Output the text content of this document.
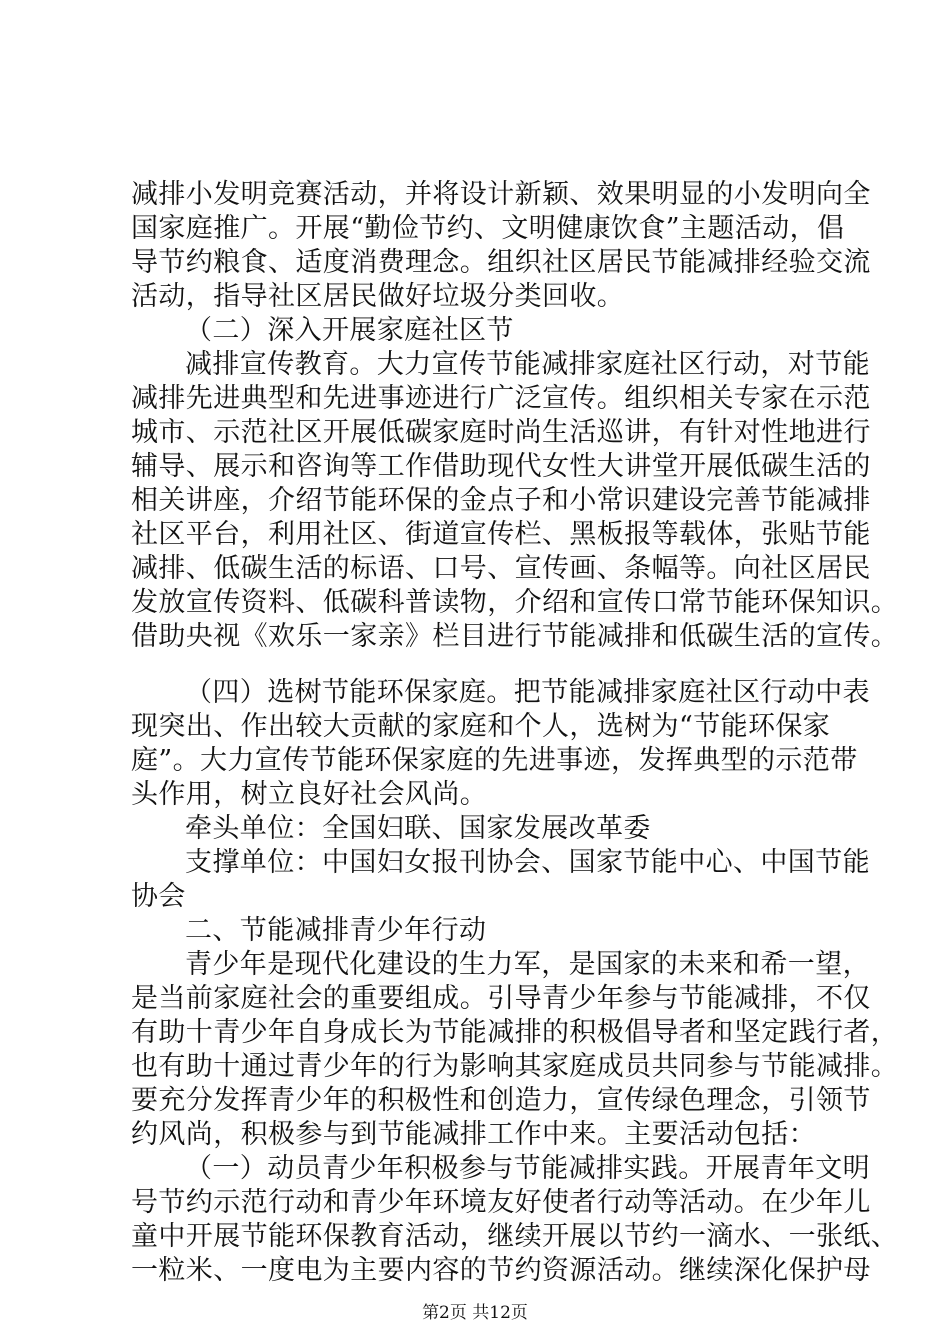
减排小发明竞赛活动，并将设计新颖、效果明显的小发明向全
国家庭推广。开展“勤俭节约、文明健康饮食”主题活动，倡
导节约粮食、适度消费理念。组织社区居民节能减排经验交流
活动，指导社区居民做好垃圾分类回收。
（二）深入开展家庭社区节
减排宣传教育。大力宣传节能减排家庭社区行动，对节能
减排先进典型和先进事迹进行广泛宣传。组织相关专家在示范
城市、示范社区开展低碳家庭时尚生活巡讲，有针对性地进行
辅导、展示和咨询等工作借助现代女性大讲堂开展低碳生活的
相关讲座，介绍节能环保的金点子和小常识建设完善节能减排
社区平台，利用社区、街道宣传栏、黑板报等载体，张贴节能
减排、低碳生活的标语、口号、宣传画、条幅等。向社区居民
发放宣传资料、低碳科普读物，介绍和宣传口常节能环保知识。
借助央视《欢乐一家亲》栏目进行节能减排和低碳生活的宣传。
（四）选树节能环保家庭。把节能减排家庭社区行动中表
现突出、作出较大贡献的家庭和个人，选树为“节能环保家
庭”。大力宣传节能环保家庭的先进事迹，发挥典型的示范带
头作用，树立良好社会风尚。
牵头单位：全国妇联、国家发展改革委
支撑单位：中国妇女报刊协会、国家节能中心、中国节能
协会
二、节能减排青少年行动
青少年是现代化建设的生力军，是国家的未来和希一望，
是当前家庭社会的重要组成。引导青少年参与节能减排，不仅
有助十青少年自身成长为节能减排的积极倡导者和坚定践行者，
也有助十通过青少年的行为影响其家庭成员共同参与节能减排。
要充分发挥青少年的积极性和创造力，宣传绿色理念，引领节
约风尚，积极参与到节能减排工作中来。主要活动包括：
（一）动员青少年积极参与节能减排实践。开展青年文明
号节约示范行动和青少年环境友好使者行动等活动。在少年儿
童中开展节能环保教育活动，继续开展以节约一滴水、一张纸、
一粒米、一度电为主要内容的节约资源活动。继续深化保护母
第2页 共12页
